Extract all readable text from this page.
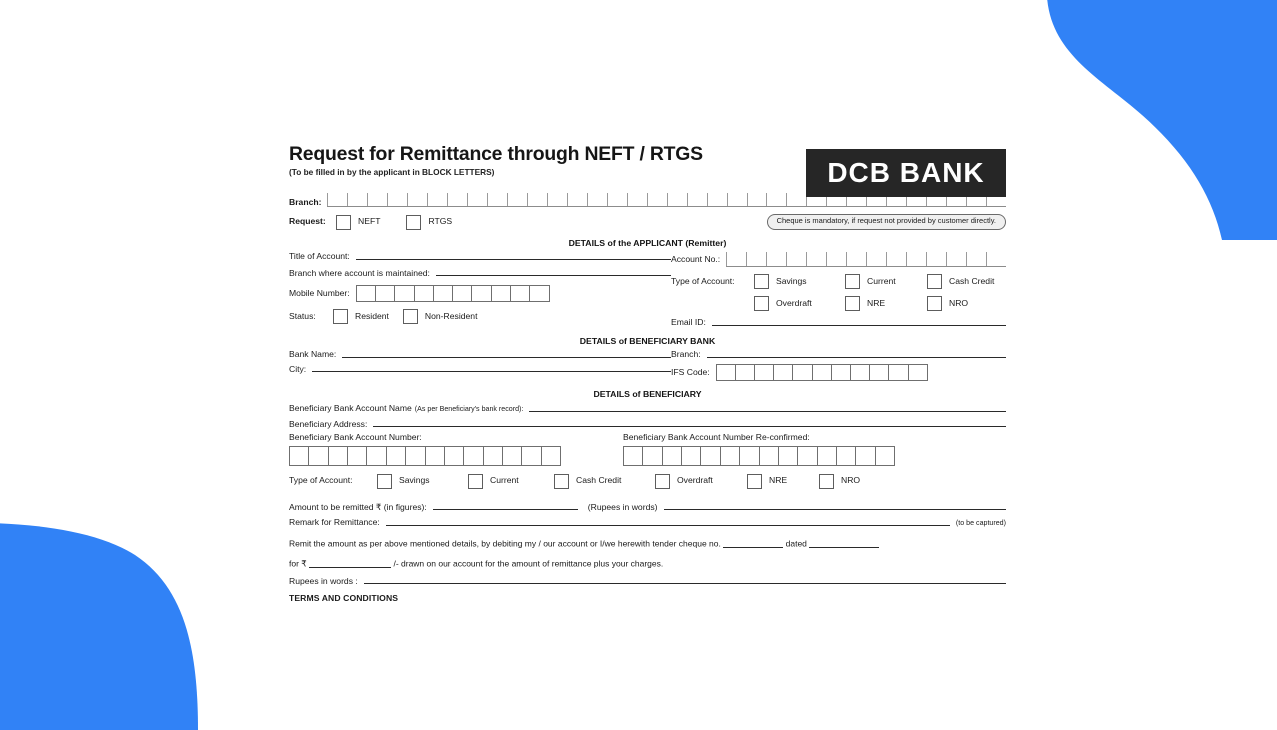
Request for Remittance through NEFT / RTGS
(To be filled in by the applicant in BLOCK LETTERS)	DCB BANK
Branch:
Request:	NEFT	RTGS	Cheque is mandatory, if request not provided by customer directly.
DETAILS of the APPLICANT (Remitter)
Title of Account:
Branch where account is maintained:
Mobile Number:
Status:	Resident	Non-Resident
Account No.:
Type of Account:	Savings	Current	Cash Credit
Overdraft	NRE	NRO
Email ID:
DETAILS of BENEFICIARY BANK
Bank Name:
City:
Branch:
IFS Code:
DETAILS of BENEFICIARY
Beneficiary Bank Account Name (As per Beneficiary's bank record):
Beneficiary Address:
Beneficiary Bank Account Number:	Beneficiary Bank Account Number Re-confirmed:
Type of Account:	Savings	Current	Cash Credit	Overdraft	NRE	NRO
Amount to be remitted ₹ (in figures):	(Rupees in words)
Remark for Remittance:	(to be captured)
Remit the amount as per above mentioned details, by debiting my / our account or I/we herewith tender cheque no.	dated
for ₹	/- drawn on our account for the amount of remittance plus your charges.
Rupees in words :
TERMS AND CONDITIONS
